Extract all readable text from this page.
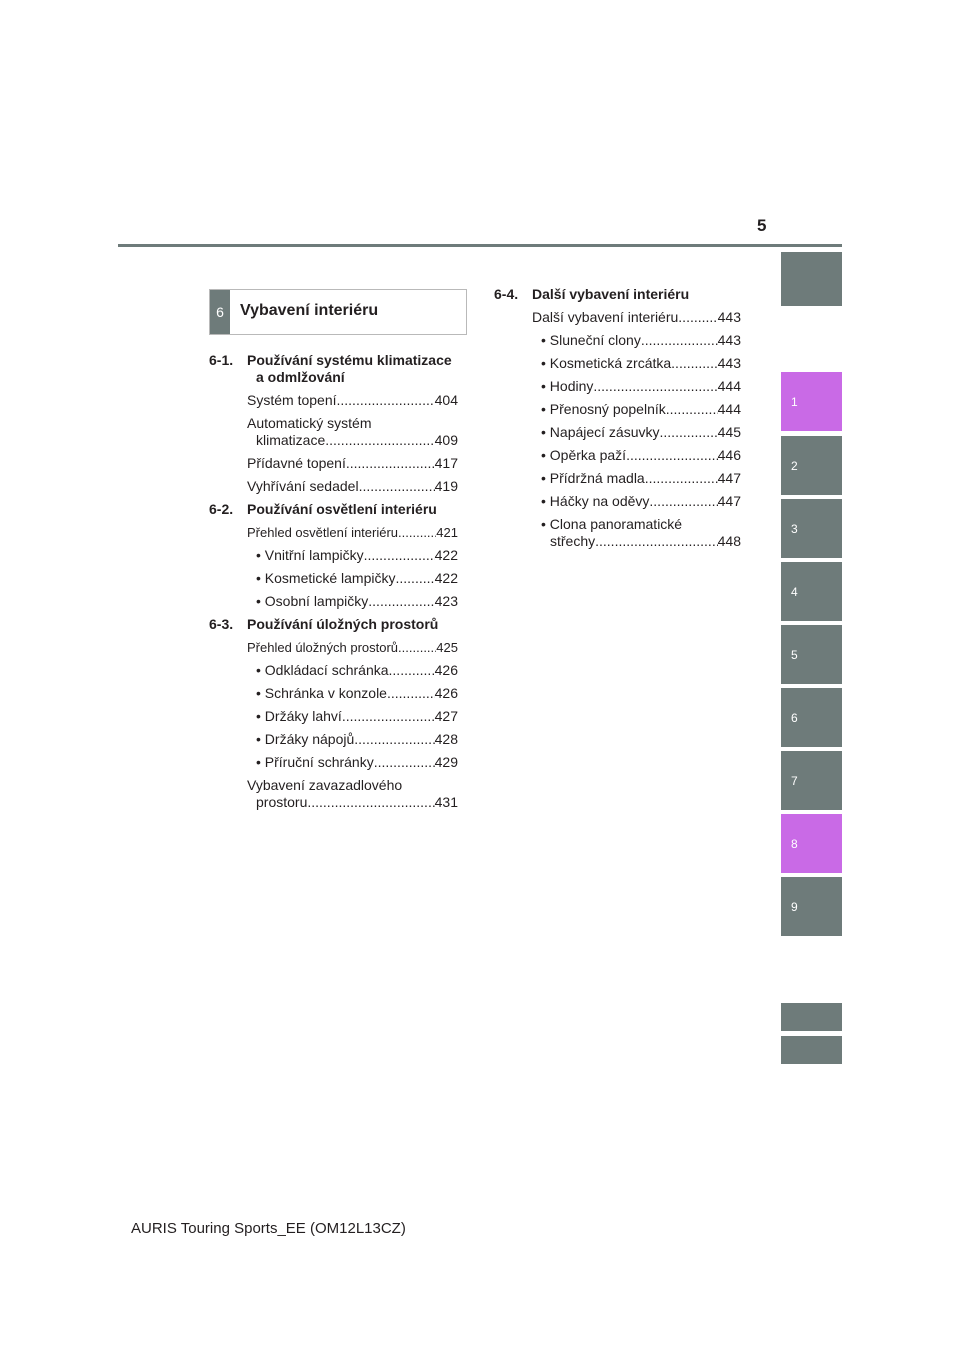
5
1
2
3
4
5
6
7
8
9
6	Vybavení interiéru
6-1. Používání systému klimatizace a odmlžování
Systém topení .....	404
Automatický systém
klimatizace .....	409
Přídavné topení .....	417
Vyhřívání sedadel .....	419
6-2. Používání osvětlení interiéru
Přehled osvětlení interiéru .....	421
• Vnitřní lampičky .....	422
• Kosmetické lampičky .....	422
• Osobní lampičky .....	423
6-3. Používání úložných prostorů
Přehled úložných prostorů .....	425
• Odkládací schránka .....	426
• Schránka v konzole .....	426
• Držáky lahví .....	427
• Držáky nápojů .....	428
• Příruční schránky .....	429
Vybavení zavazadlového
prostoru .....	431
6-4. Další vybavení interiéru
Další vybavení interiéru .....	443
• Sluneční clony .....	443
• Kosmetická zrcátka .....	443
• Hodiny .....	444
• Přenosný popelník .....	444
• Napájecí zásuvky .....	445
• Opěrka paží .....	446
• Přídržná madla .....	447
• Háčky na oděvy .....	447
• Clona panoramatické
střechy .....	448
AURIS Touring Sports_EE (OM12L13CZ)
